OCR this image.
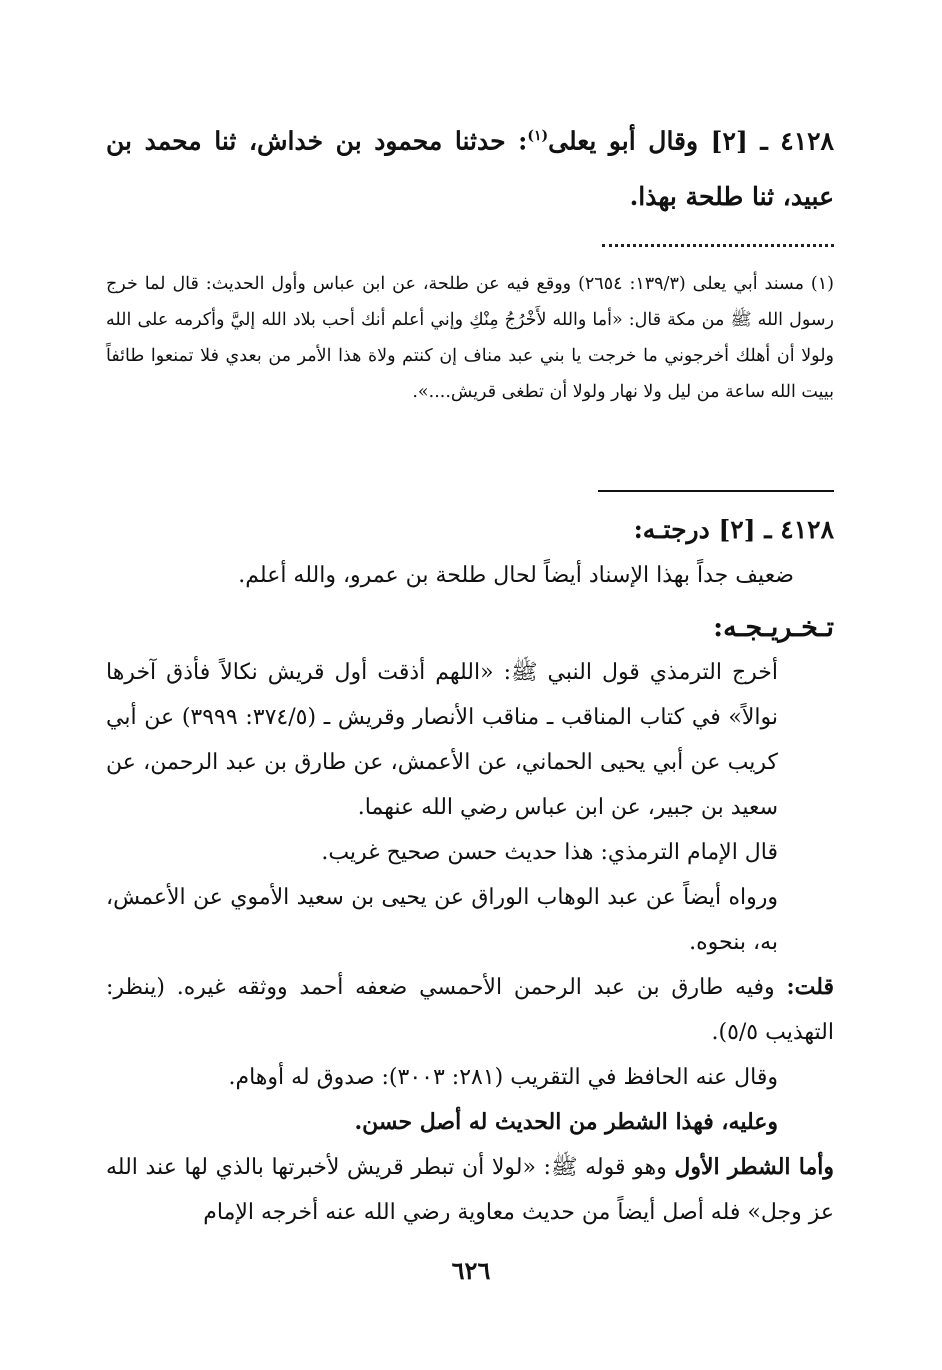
٤١٢٨ ـ [٢] وقال أبو يعلى$^{(١)}$: حدثنا محمود بن خداش، ثنا محمد بن عبيد، ثنا طلحة بهذا.
(١) مسند أبي يعلى (١٣٩/٣: ٢٦٥٤) ووقع فيه عن طلحة، عن ابن عباس وأول الحديث: قال لما خرج رسول الله ﷺ من مكة قال: «أما والله لأَخْرُجُ مِنْكِ وإني أعلم أنك أحب بلاد الله إليَّ وأكرمه على الله ولولا أن أهلك أخرجوني ما خرجت يا بني عبد مناف إن كنتم ولاة هذا الأمر من بعدي فلا تمنعوا طائفاً بييت الله ساعة من ليل ولا نهار ولولا أن تطغى قريش....».
٤١٢٨ ـ [٢] درجتـه:
ضعيف جداً بهذا الإسناد أيضاً لحال طلحة بن عمرو، والله أعلم.
تـخـريـجـه:

أخرج الترمذي قول النبي ﷺ: «اللهم أذقت أول قريش نكالاً فأذق آخرها نوالاً» في كتاب المناقب ـ مناقب الأنصار وقريش ـ (٣٧٤/٥: ٣٩٩٩) عن أبي كريب عن أبي يحيى الحماني، عن الأعمش، عن طارق بن عبد الرحمن، عن سعيد بن جبير، عن ابن عباس رضي الله عنهما.

قال الإمام الترمذي: هذا حديث حسن صحيح غريب.

ورواه أيضاً عن عبد الوهاب الوراق عن يحيى بن سعيد الأموي عن الأعمش، به، بنحوه.

قلت: وفيه طارق بن عبد الرحمن الأحمسي ضعفه أحمد ووثقه غيره. (ينظر: التهذيب ٥/٥).

وقال عنه الحافظ في التقريب (٢٨١: ٣٠٠٣): صدوق له أوهام.

وعليه، فهذا الشطر من الحديث له أصل حسن.

وأما الشطر الأول وهو قوله ﷺ: «لولا أن تبطر قريش لأخبرتها بالذي لها عند الله عز وجل» فله أصل أيضاً من حديث معاوية رضي الله عنه أخرجه الإمام

٦٢٦
